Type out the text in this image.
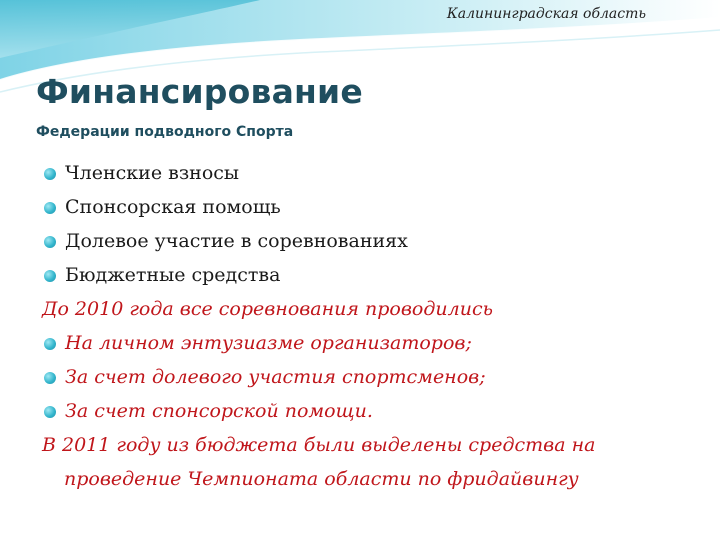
Калининградская область
Финансирование

Федерации подводного Спорта

Членские взносы
Спонсорская помощь
Долевое участие в соревнованиях
Бюджетные средства
До 2010 года все соревнования проводились
На личном энтузиазме организаторов;
За счет долевого участия спортсменов;
За счет спонсорской помощи.
В 2011 году из бюджета были выделены средства на
проведение Чемпионата области по фридайвингу
